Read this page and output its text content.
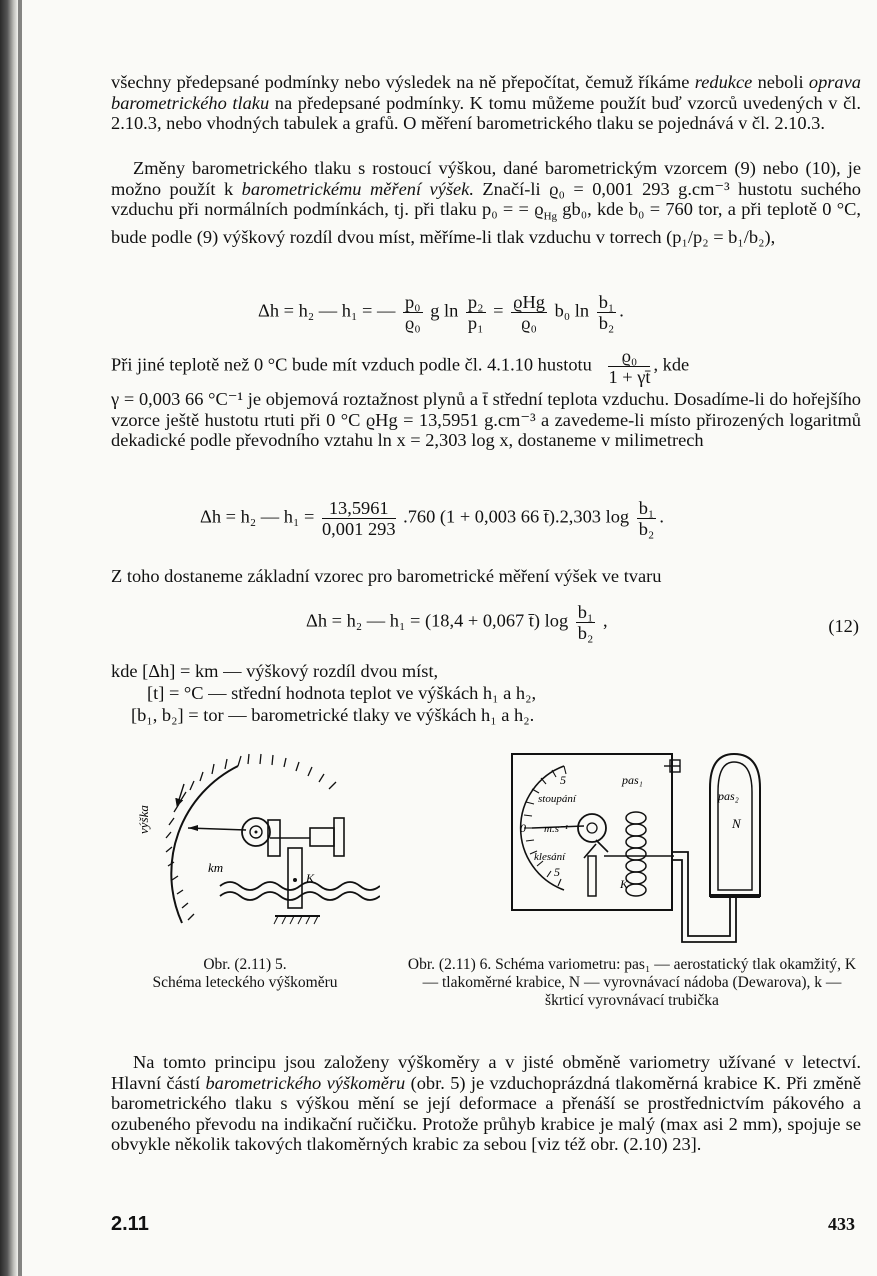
všechny předepsané podmínky nebo výsledek na ně přepočítat, čemuž říkáme redukce neboli oprava barometrického tlaku na předepsané podmínky. K tomu můžeme použít buď vzorců uvedených v čl. 2.10.3, nebo vhodných tabulek a grafů. O měření barometrického tlaku se pojednává v čl. 2.10.3.

Změny barometrického tlaku s rostoucí výškou, dané barometrickým vzorcem (9) nebo (10), je možno použít k barometrickému měření výšek. Značí-li ϱ₀ = 0,001 293 g.cm⁻³ hustotu suchého vzduchu při normálních podmínkách, tj. při tlaku p₀ = = $ϱ_{Hg}$ gb₀, kde b₀ = 760 tor, a při teplotě 0 °C, bude podle (9) výškový rozdíl dvou míst, měříme-li tlak vzduchu v torrech (p₁/p₂ = b₁/b₂),

Δh = h₂ — h₁ = — $\frac{\text{p₀}}{\text{ϱ₀}}$ g $\ln \frac{\text{p₂}}{\text{p₁}} = ϱHg$
ϱ₀
b₀ $\ln \frac{\text{b₁}}{\text{b₂}}$ .

Při jiné teplotě než 0 °C bude mít vzduch podle čl. 4.1.10 hustotu $\frac{\text{ϱ₀}}{1 + \gamma t̄}$ , kde

γ = 0,003 66 °C⁻¹ je objemová roztažnost plynů a t̄ střední teplota vzduchu. Dosadíme-li do hořejšího vzorce ještě hustotu rtuti při 0 °C ϱHg = 13,5951 g.cm⁻³ a zavedeme-li místo přirozených logaritmů dekadické podle převodního vztahu ln x = 2,303 log x, dostaneme v milimetrech

Δh = h₂ — $h_1 = \frac{13,5961}{0,001 293} .760$ (1 + 0,003 66 t̄).2,303 $\log \frac{\text{b₁}}{\text{b₂}}$ .

Z toho dostaneme základní vzorec pro barometrické měření výšek ve tvaru

Δh = h₂ — h₁ = (18,4 + 0,067 t̄) $\log \frac{\text{b₁}}{\text{b₂}}$ ,	(12)
kde [Δh] = km — výškový rozdíl dvou míst,
[t] = °C — střední hodnota teplot ve výškách h₁ a h₂,
[b₁, b₂] = tor — barometrické tlaky ve výškách h₁ a h₂.
výška
km
K
Obr. (2.11) 5.
Schéma leteckého výškoměru
5
stoupání
0 m.s⁻¹
klesání
5
pas₁
pas₂
N
K
Obr. (2.11) 6. Schéma variometru: pas₁ — aerostatický tlak okamžitý, K — tlakoměrné krabice, N — vyrovnávací nádoba (Dewarova), k — škrticí vyrovnávací trubička

Na tomto principu jsou založeny výškoměry a v jisté obměně variometry užívané v letectví. Hlavní částí barometrického výškoměru (obr. 5) je vzduchoprázdná tlakoměrná krabice K. Při změně barometrického tlaku s výškou mění se její deformace a přenáší se prostřednictvím pákového a ozubeného převodu na indikační ručičku. Protože průhyb krabice je malý (max asi 2 mm), spojuje se obvykle několik takových tlakoměrných krabic za sebou [viz též obr. (2.10) 23].

2.11	433
